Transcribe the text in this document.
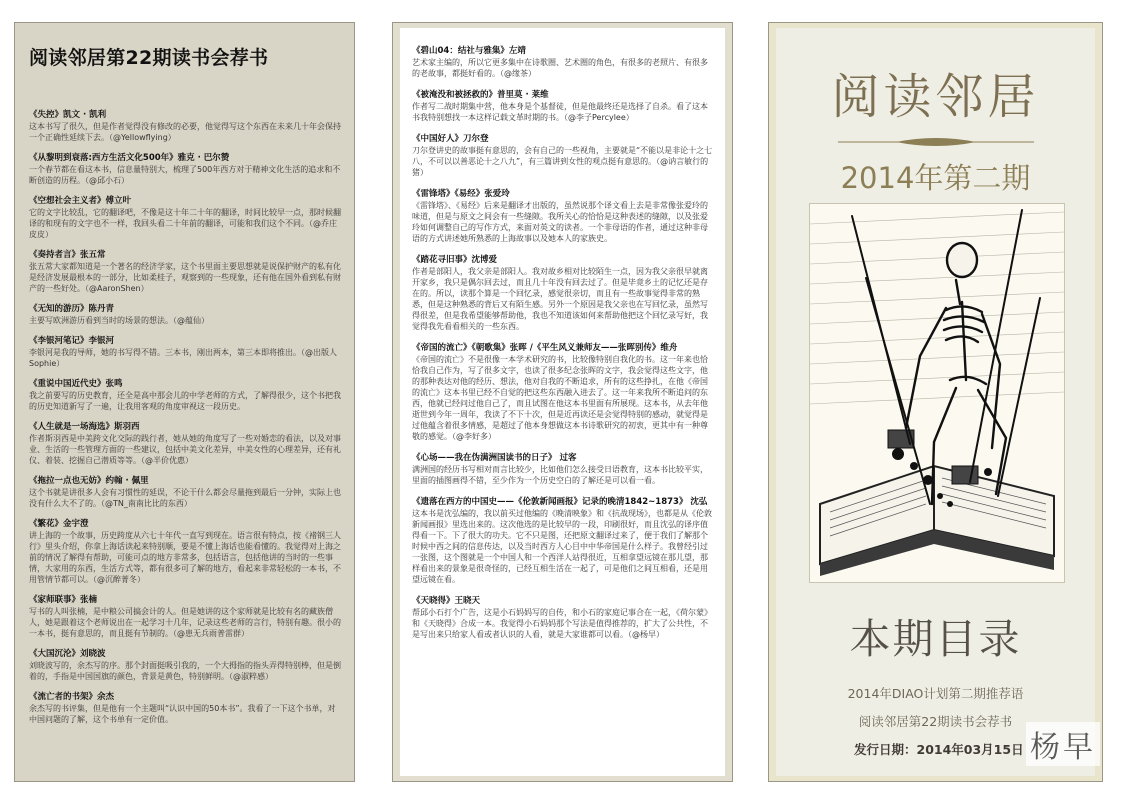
阅读邻居第22期读书会荐书
《失控》凯文 · 凯利
这本书写了很久，但是作者觉得没有修改的必要，他觉得写这个东西在未来几十年会保持一个正确性延续下去。（@Yellowflying）
《从黎明到衰落:西方生活文化500年》雅克 · 巴尔赞
一个春节都在看这本书，信息量特别大，梳理了500年西方对于精神文化生活的追求和不断创造的历程。（@邱小石）
《空想社会主义者》傅立叶
它的文字比较乱，它的翻译吧，不像是这十年二十年的翻译，时间比较早一点，那时候翻译的和现有的文字也不一样，我回头看二十年前的翻译，可能和我们这个不同。（@乔庄皮皮）
《奏持者言》张五常
张五常大家都知道是一个著名的经济学家，这个书里面主要思想就是说保护财产的私有化是经济发展最根本的一部分，比如柔桂子，观察到的一些现象，还有他在国外看到私有财产的一些好处。（@AaronShen）
《无知的游历》陈丹青
主要写欧洲游历看到当时的场景的想法。（@蕴仙）
《李银河笔记》李银河
李银河是我的导师，她的书写得不错。三本书，刚出两本，第三本即将推出。（@出版人Sophie）
《重说中国近代史》张鸣
我之前要写的历史教育，还全是高中那会儿的中学老师的方式，了解得很少，这个书把我的历史知道新写了一遍，让我用客观的角度审视这一段历史。
《人生就是一场海选》斯羽西
作者斯羽西是中美跨文化交际的践行者，她从她的角度写了一些对婚恋的看法，以及对事业、生活的一些管理方面的一些建议，包括中美文化差异，中美女性的心理差异，还有礼仪、着装、挖掘自己潜质等等。（@半价优惠）
《拖拉一点也无妨》约翰 · 佩里
这个书就是讲很多人会有习惯性的延误，不论干什么都会尽量拖到最后一分钟，实际上也没有什么大不了的。（@TN_南南比比的东西）
《繁花》金宇澄
讲上海的一个故事，历史跨度从六七十年代一直写到现在。语言很有特点，按《褚钢三人行》里头介绍，你拿上海话读起来特别顺，要是不懂上海话也能看懂的。我觉得对上海之前的情况了解得有帮助，可能可点的地方非常多，包括语言，包括他讲的当时的一些事情，大家用的东西，生活方式等，都有很多可了解的地方，看起来非常轻松的一本书，不用管情节都可以。（@沉醉菁冬）
《家师联事》张楠
写书的人叫张楠，是中粮公司搞会计的人。但是她讲的这个家师就是比较有名的藏族僧人，她是跟着这个老师说出在一起学习十几年，记录这些老师的言行，特别有趣。很小的一本书，挺有意思的，而且挺有节制的。（@患无兵雨普雷群）
《大国沉沦》刘晓波
刘晓波写的，余杰写的序。那个封面挺吸引我的，一个大拇指的指头弄得特别棒，但是倒着的，手指是中国国旗的颜色，背景是黄色，特别鲜明。（@淑粹感）
《流亡者的书架》余杰
余杰写的书评集，但是他有一个主题叫“认识中国的50本书”。我看了一下这个书单，对中国问题的了解，这个书单有一定价值。
《碧山04：结社与雅集》左靖
艺术家主编的，所以它更多集中在诗歌圈、艺术圈的角色，有很多的老照片、有很多的老故事，都挺好看的。（@缘茶）
《被淹没和被拯救的》普里莫 · 莱维
作者写二战时期集中营，他本身是个基督徒，但是他最终还是选择了自杀。看了这本书我特别想找一本这样记载文革时期的书。（@李子Percylee）
《中国好人》刀尔登
刀尔登讲史的故事挺有意思的，会有自己的一些视角，主要就是“不能以是非论十之七八，不可以以善恶论十之八九”，有三篇讲到女性的观点挺有意思的。（@讷言敏行的猪）
《雷锋塔》《易经》张爱玲
《雷锋塔》、《易经》后来是翻译才出版的，虽然说那个译文看上去是非常像张爱玲的味道，但是与原文之间会有一些缝隙。我所关心的恰恰是这种表述的缝隙，以及张爱玲如何调整自己的写作方式，来面对英文的读者。一个非母语的作者，通过这种非母语的方式讲述她所熟悉的上海故事以及她本人的家族史。
《踏花寻旧事》沈博爱
作者是部阳人，我父亲是部阳人。我对故乡相对比较陌生一点，因为我父亲很早就离开家乡，我只是偶尔回去过，而且几十年没有回去过了。但是毕竟乡土的记忆还是存在的。所以，读那个算是一个回忆录，感觉很亲切，而且有一些故事觉得非常的熟悉，但是这种熟悉的背后又有陌生感。另外一个原因是我父亲也在写回忆录，虽然写得很差，但是我希望能够帮助他，我也不知道该如何来帮助他把这个回忆录写好，我觉得我先看看相关的一些东西。
《帝国的流亡》《朝歌集》张晖 /《平生风义兼师友——张晖别传》维舟
《帝国的流亡》不是很像一本学术研究的书，比较像特别自我化的书。这一年来也恰恰我自己作为，写了很多文字，也读了很多纪念张晖的文字，我会觉得这些文字，他的那种表达对他的经历、想法，他对自我的不断追求，所有的这些挣扎，在他《帝国的流亡》这本书里已经不自觉的把这些东西融入进去了。这一年来我所不断追问的东西，他就已经问过他自己了，而且试图在他这本书里面有所展现。这本书，从去年他逝世到今年一周年，我读了不下十次，但是近再读还是会觉得特别的感动，就觉得是过他蕴含着很多情感，是超过了他本身想做这本书诗歌研究的初衷，更其中有一种尊敬的感觉。（@李好多）
《心场——我在伪满洲国读书的日子》 过客
满洲国的经历书写相对而言比较少，比如他们怎么接受日语教育，这本书比较平实，里面的插图画得不错，至少作为一个历史空白的了解还是可以看一看。
《遗落在西方的中国史——《伦敦新闻画报》记录的晚清1842~1873》 沈弘
这本书是沈弘编的，我以前买过他编的《晚清映象》和《抗战现场》，也都是从《伦敦新闻画报》里选出来的。这次他选的是比较早的一段，印刷很好，而且沈弘的译序值得看一下。下了很大的功夫。它不只是图，还把原文翻译过来了，便于我们了解那个时候中西之间的信息传达，以及当时西方人心目中中华帝国是什么样子。我曾经引过一张图，这个图就是一个中国人和一个西洋人站得很近，互相拿望远镜在那儿望，那样看出来的景象是很奇怪的，已经互相生活在一起了，可是他们之间互相看，还是用望远镜在看。
《天晓得》王晓天
帮邱小石打个广告，这是小石妈妈写的自传，和小石的家庭记事合在一起，《荷尔蒙》和《天晓得》合成一本。我觉得小石妈妈那个写法是值得推荐的，扩大了公共性，不是写出来只给家人看或者认识的人看，就是大家谁都可以看。（@杨早）
阅读邻居
2014年第二期
本期目录
2014年DIAO计划第二期推荐语
阅读邻居第22期读书会荐书
发行日期：2014年03月15日 杨早
